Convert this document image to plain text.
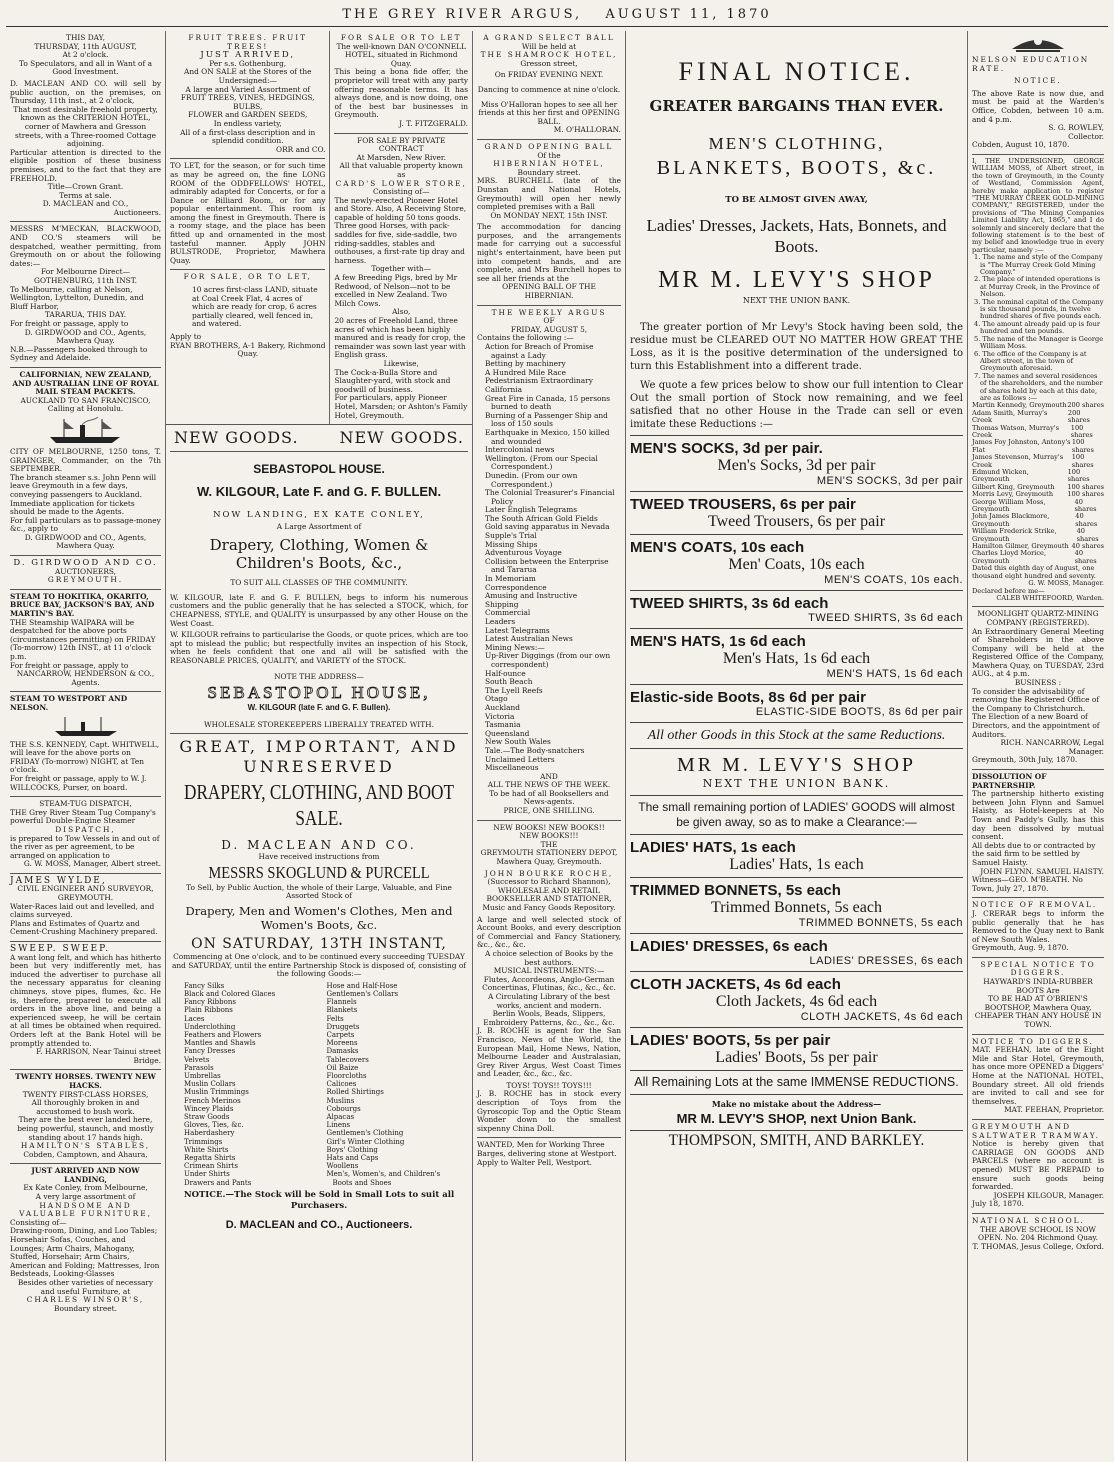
THE GREY RIVER ARGUS, AUGUST 11, 1870
THIS DAY,
THURSDAY, 11th AUGUST,
At 2 o'clock.
To Speculators, and all in Want of a Good Investment.
D. MACLEAN AND CO. will sell by public auction, on the premises, on Thursday, 11th inst., at 2 o'clock,
That most desirable freehold property, known as the CRITERION HOTEL, corner of Mawhera and Gresson streets, with a Three-roomed Cottage adjoining.
Particular attention is directed to the eligible position of these business premises, and to the fact that they are FREEHOLD.
Title—Crown Grant.
Terms at sale.
D. MACLEAN and CO.,
Auctioneers.
MESSRS M'MECKAN, BLACKWOOD, AND CO.'S steamers will be despatched, weather permitting, from Greymouth on or about the following dates:—
For Melbourne Direct—
GOTHENBURG, 11th INST.
To Melbourne, calling at Nelson, Wellington, Lyttelton, Dunedin, and Bluff Harbor,
TARARUA, THIS DAY.
For freight or passage, apply to
D. GIRDWOOD and CO., Agents, Mawhera Quay.
N.B.—Passengers booked through to Sydney and Adelaide.
CALIFORNIAN, NEW ZEALAND, AND AUSTRALIAN LINE OF ROYAL MAIL STEAM PACKETS.
AUCKLAND TO SAN FRANCISCO, Calling at Honolulu.
CITY OF MELBOURNE, 1250 tons, T. GRAINGER, Commander, on the 7th SEPTEMBER.
The branch steamer s.s. John Penn will leave Greymouth in a few days, conveying passengers to Auckland.
Immediate application for tickets should be made to the Agents.
For full particulars as to passage-money &c., apply to
D. GIRDWOOD and CO., Agents, Mawhera Quay.
D. GIRDWOOD AND CO.
AUCTIONEERS,
GREYMOUTH.
STEAM TO HOKITIKA, OKARITO, BRUCE BAY, JACKSON'S BAY, AND MARTIN'S BAY.
THE Steamship WAIPARA will be despatched for the above ports (circumstances permitting) on FRIDAY (To-morrow) 12th INST., at 11 o'clock p.m.
For freight or passage, apply to
NANCARROW, HENDERSON & CO., Agents.
STEAM TO WESTPORT AND NELSON.
THE S.S. KENNEDY, Capt. WHITWELL, will leave for the above ports on FRIDAY (To-morrow) NIGHT, at Ten o'clock.
For freight or passage, apply to W. J. WILLCOCKS, Purser, on board.
STEAM-TUG DISPATCH,
THE Grey River Steam Tug Company's powerful Double-Engine Steamer
DISPATCH,
is prepared to Tow Vessels in and out of the river as per agreement, to be arranged on application to
G. W. MOSS, Manager, Albert street.
JAMES WYLDE,
CIVIL ENGINEER AND SURVEYOR, GREYMOUTH.
Water-Races laid out and levelled, and claims surveyed.
Plans and Estimates of Quartz and Cement-Crushing Machinery prepared.
SWEEP. SWEEP.
A want long felt, and which has hitherto been but very indifferently met, has induced the advertiser to purchase all the necessary apparatus for cleaning chimneys, stove pipes, flumes, &c. He is, therefore, prepared to execute all orders in the above line, and being a experienced sweep, he will be certain at all times be obtained when required. Orders left at the Bank Hotel will be promptly attended to.
F. HARRISON, Near Tainui street Bridge.
TWENTY HORSES. TWENTY NEW HACKS.
TWENTY FIRST-CLASS HORSES,
All thoroughly broken in and accustomed to bush work.
They are the best ever landed here, being powerful, staunch, and mostly standing about 17 hands high.
HAMILTON'S STABLES,
Cobden, Camptown, and Ahaura,
JUST ARRIVED AND NOW LANDING,
Ex Kate Conley, from Melbourne,
A very large assortment of
HANDSOME AND VALUABLE FURNITURE,
Consisting of—
Drawing-room, Dining, and Loo Tables; Horsehair Sofas, Couches, and Lounges; Arm Chairs, Mahogany, Stuffed, Horsehair; Arm Chairs, American and Folding; Mattresses, Iron Bedsteads, Looking-Glasses
Besides other varieties of necessary and useful Furniture, at
CHARLES WINSOR'S,
Boundary street.
FRUIT TREES. FRUIT TREES!
JUST ARRIVED,
Per s.s. Gothenburg,
And ON SALE at the Stores of the Undersigned:—
A large and Varied Assortment of
FRUIT TREES, VINES, HEDGINGS, BULBS,
FLOWER and GARDEN SEEDS,
In endless variety,
All of a first-class description and in splendid condition.
ORR and CO.
TO LET, for the season, or for such time as may be agreed on, the fine LONG ROOM of the ODDFELLOWS' HOTEL, admirably adapted for Concerts, or for a Dance or Billiard Room, or for any popular entertainment. This room is among the finest in Greymouth. There is a roomy stage, and the place has been fitted up and ornamented in the most tasteful manner. Apply JOHN BULSTRODE, Proprietor, Mawhera Quay.
FOR SALE, OR TO LET,
10 acres first-class LAND, situate at Coal Creek Flat, 4 acres of which are ready for crop, 6 acres partially cleared, well fenced in, and watered.
Apply to
RYAN BROTHERS, A-1 Bakery, Richmond Quay.
FOR SALE OR TO LET
The well-known DAN O'CONNELL HOTEL, situated in Richmond Quay.
This being a bona fide offer, the proprietor will treat with any party offering reasonable terms. It has always done, and is now doing, one of the best bar businesses in Greymouth.
J. T. FITZGERALD.
FOR SALE BY PRIVATE CONTRACT
At Marsden, New River.
All that valuable property known as
CARD'S LOWER STORE,
Consisting of—
The newly-erected Pioneer Hotel and Store. Also, A Receiving Store, capable of holding 50 tons goods. Three good Horses, with pack-saddles for five, side-saddle, two riding-saddles, stables and outhouses, a first-rate tip dray and harness.
Together with—
A few Breeding Pigs, bred by Mr Redwood, of Nelson—not to be excelled in New Zealand. Two Milch Cows.
Also,
20 acres of Freehold Land, three acres of which has been highly manured and is ready for crop, the remainder was sown last year with English grass.
Likewise,
The Cock-a-Bulla Store and Slaughter-yard, with stock and goodwill of business.
For particulars, apply Pioneer Hotel, Marsden; or Ashton's Family Hotel, Greymouth.
NEW GOODS.	NEW GOODS.
SEBASTOPOL HOUSE.
W. KILGOUR, Late F. and G. F. BULLEN.
NOW LANDING, EX KATE CONLEY,
A Large Assortment of
Drapery, Clothing, Women & Children's Boots, &c.,
TO SUIT ALL CLASSES OF THE COMMUNITY.
W. KILGOUR, late F. and G. F. BULLEN, begs to inform his numerous customers and the public generally that he has selected a STOCK, which, for CHEAPNESS, STYLE, and QUALITY is unsurpassed by any other House on the West Coast.
W. KILGOUR refrains to particularise the Goods, or quote prices, which are too apt to mislead the public; but respectfully invites an inspection of his Stock, when he feels confident that one and all will be satisfied with the REASONABLE PRICES, QUALITY, and VARIETY of the STOCK.
NOTE THE ADDRESS—
SEBASTOPOL HOUSE,
W. KILGOUR (late F. and G. F. Bullen).
WHOLESALE STOREKEEPERS LIBERALLY TREATED WITH.
GREAT, IMPORTANT, AND UNRESERVED
DRAPERY, CLOTHING, AND BOOT SALE.
D. MACLEAN AND CO.
Have received instructions from
MESSRS SKOGLUND & PURCELL
To Sell, by Public Auction, the whole of their Large, Valuable, and Fine Assorted Stock of
Drapery, Men and Women's Clothes, Men and Women's Boots, &c.
ON SATURDAY, 13TH INSTANT,
Commencing at One o'clock, and to be continued every succeeding TUESDAY and SATURDAY, until the entire Partnership Stock is disposed of, consisting of the following Goods:—
Fancy Silks
Black and Colored Glaces
Fancy Ribbons
Plain Ribbons
Laces
Underclothing
Feathers and Flowers
Mantles and Shawls
Fancy Dresses
Velvets
Parasols
Umbrellas
Muslin Collars
Muslin Trimmings
French Merinos
Wincey Plaids
Straw Goods
Gloves, Ties, &c.
Haberdashery
Trimmings
White Shirts
Regatta Shirts
Crimean Shirts
Under Shirts
Drawers and Pants
Hose and Half-Hose
Gentlemen's Collars
Flannels
Blankets
Felts
Druggets
Carpets
Moreens
Damasks
Tablecovers
Oil Baize
Floorcloths
Calicoes
Rolled Shirtings
Muslins
Cobourgs
Alpacas
Linens
Gentlemen's Clothing
Girl's Winter Clothing
Boys' Clothing
Hats and Caps
Woollens
Men's, Women's, and Children's Boots and Shoes
NOTICE.—The Stock will be Sold in Small Lots to suit all Purchasers.
D. MACLEAN and CO., Auctioneers.
A GRAND SELECT BALL
Will be held at
THE SHAMROCK HOTEL,
Gresson street,
On FRIDAY EVENING NEXT.
Dancing to commence at nine o'clock.
Miss O'Halloran hopes to see all her friends at this her first and OPENING BALL.
M. O'HALLORAN.
GRAND OPENING BALL
Of the
HIBERNIAN HOTEL,
Boundary street.
MRS. BURCHELL (late of the Dunstan and National Hotels, Greymouth) will open her newly completed premises with a Ball
On MONDAY NEXT, 15th INST.
The accommodation for dancing purposes, and the arrangements made for carrying out a successful night's entertainment, have been put into competent hands, and are complete, and Mrs Burchell hopes to see all her friends at the
OPENING BALL OF THE HIBERNIAN.
THE WEEKLY ARGUS
OF
FRIDAY, AUGUST 5,
Contains the following :—
Action for Breach of Promise against a Lady
Betting by machinery
A Hundred Mile Race
Pedestrianism Extraordinary
California
Great Fire in Canada, 15 persons burned to death
Burning of a Passenger Ship and loss of 150 souls
Earthquake in Mexico, 150 killed and wounded
Intercolonial news
Wellington. (From our Special Correspondent.)
Dunedin. (From our own Correspondent.)
The Colonial Treasurer's Financial Policy
Later English Telegrams
The South African Gold Fields
Gold saving apparatus in Nevada
Supple's Trial
Missing Ships
Adventurous Voyage
Collision between the Enterprise and Tararua
In Memoriam
Correspondence
Amusing and Instructive
Shipping
Commercial
Leaders
Latest Telegrams
Latest Australian News
Mining News:—
Up-River Diggings (from our own correspondent)
Half-ounce
South Beach
The Lyell Reefs
Otago
Auckland
Victoria
Tasmania
Queensland
New South Wales
Tale.—The Body-snatchers
Unclaimed Letters
Miscellaneous
AND
ALL THE NEWS OF THE WEEK.
To be had of all Booksellers and News-agents.
PRICE, ONE SHILLING.
NEW BOOKS! NEW BOOKS!!
NEW BOOKS!!!
THE
GREYMOUTH STATIONERY DEPOT,
Mawhera Quay, Greymouth.
JOHN BOURKE ROCHE,
(Successor to Richard Shannon),
WHOLESALE AND RETAIL BOOKSELLER AND STATIONER,
Music and Fancy Goods Repository.
A large and well selected stock of Account Books, and every description of Commercial and Fancy Stationery, &c., &c., &c.
A choice selection of Books by the best authors.
MUSICAL INSTRUMENTS:—
Flutes, Accordeons, Anglo-German Concertinas, Flutinas, &c., &c., &c.
A Circulating Library of the best works, ancient and modern.
Berlin Wools, Beads, Slippers, Embroidery Patterns, &c., &c., &c.
J. B. ROCHE is agent for the San Francisco, News of the World, the European Mail, Home News, Nation, Melbourne Leader and Australasian, Grey River Argus, West Coast Times and Leader, &c., &c., &c.
TOYS! TOYS!! TOYS!!!
J. B. ROCHE has in stock every description of Toys from the Gyroscopic Top and the Optic Steam Wonder down to the smallest sixpenny China Doll.
WANTED, Men for Working Three Barges, delivering stone at Westport. Apply to Walter Pell, Westport.
FINAL NOTICE.
GREATER BARGAINS THAN EVER.
MEN'S CLOTHING,
BLANKETS, BOOTS, &c.
TO BE ALMOST GIVEN AWAY,
Ladies' Dresses, Jackets, Hats, Bonnets, and Boots.
MR M. LEVY'S SHOP
NEXT THE UNION BANK.
The greater portion of Mr Levy's Stock having been sold, the residue must be CLEARED OUT NO MATTER HOW GREAT THE Loss, as it is the positive determination of the undersigned to turn this Establishment into a different trade.
We quote a few prices below to show our full intention to Clear Out the small portion of Stock now remaining, and we feel satisfied that no other House in the Trade can sell or even imitate these Reductions :—
MEN'S SOCKS, 3d per pair.
Men's Socks, 3d per pair
MEN'S SOCKS, 3d per pair
TWEED TROUSERS, 6s per pair
Tweed Trousers, 6s per pair
MEN'S COATS, 10s each
Men' Coats, 10s each
MEN'S COATS, 10s each.
TWEED SHIRTS, 3s 6d each
TWEED SHIRTS, 3s 6d each
MEN'S HATS, 1s 6d each
Men's Hats, 1s 6d each
MEN'S HATS, 1s 6d each
Elastic-side Boots, 8s 6d per pair
ELASTIC-SIDE BOOTS, 8s 6d per pair
All other Goods in this Stock at the same Reductions.
MR M. LEVY'S SHOP
NEXT THE UNION BANK.
The small remaining portion of LADIES' GOODS will almost be given away, so as to make a Clearance:—
LADIES' HATS, 1s each
Ladies' Hats, 1s each
TRIMMED BONNETS, 5s each
Trimmed Bonnets, 5s each
TRIMMED BONNETS, 5s each
LADIES' DRESSES, 6s each
LADIES' DRESSES, 6s each
CLOTH JACKETS, 4s 6d each
Cloth Jackets, 4s 6d each
CLOTH JACKETS, 4s 6d each
LADIES' BOOTS, 5s per pair
Ladies' Boots, 5s per pair
All Remaining Lots at the same IMMENSE REDUCTIONS.
Make no mistake about the Address—
MR M. LEVY'S SHOP, next Union Bank.
THOMPSON, SMITH, AND BARKLEY.
NELSON EDUCATION RATE.
NOTICE.
The above Rate is now due, and must be paid at the Warden's Office, Cobden, between 10 a.m. and 4 p.m.
S. G. ROWLEY,
Collector.
Cobden, August 10, 1870.
I, THE UNDERSIGNED, GEORGE WILLIAM MOSS, of Albert street, in the town of Greymouth, in the County of Westland, Commission Agent, hereby make application to register "THE MURRAY CREEK GOLD-MINING COMPANY," REGISTERED, under the provisions of "The Mining Companies Limited Liability Act, 1865," and I do solemnly and sincerely declare that the following statement is to the best of my belief and knowledge true in every particular, namely :—
1. The name and style of the Company is "The Murray Creek Gold Mining Company."
2. The place of intended operations is at Murray Creek, in the Province of Nelson.
3. The nominal capital of the Company is six thousand pounds, in twelve hundred shares of five pounds each.
4. The amount already paid up is four hundred and ten pounds.
5. The name of the Manager is George William Moss.
6. The office of the Company is at Albert street, in the town of Greymouth aforesaid.
7. The names and several residences of the shareholders, and the number of shares held by each at this date, are as follows :—
Martin Kennedy, Greymouth 200 shares
Adam Smith, Murray's Creek
200 shares
Thomas Watson, Murray's Creek
100 shares
James Foy Johnston, Antony's Flat
100 shares
James Stevenson, Murray's Creek
100 shares
Edmund Wicken, Greymouth
100 shares
Gilbert King, Greymouth 100 shares
Morris Levy, Greymouth 100 shares
George William Moss, Greymouth
40 shares
John James Blackmore, Greymouth
40 shares
William Frederick Strike, Greymouth
40 shares
Hamilton Gilmer, Greymouth 40 shares
Charles Lloyd Morice, Greymouth
40 shares
Dated this eighth day of August, one thousand eight hundred and seventy.
G. W. MOSS, Manager.
Declared before me—
CALEB WHITEFOORD, Warden.
MOONLIGHT QUARTZ-MINING COMPANY (REGISTERED).
An Extraordinary General Meeting of Shareholders in the above Company will be held at the Registered Office of the Company, Mawhera Quay, on TUESDAY, 23rd AUG., at 4 p.m.
BUSINESS :
To consider the advisability of removing the Registered Office of the Company to Christchurch.
The Election of a new Board of Directors, and the appointment of Auditors.
RICH. NANCARROW, Legal Manager.
Greymouth, 30th July, 1870.
DISSOLUTION OF PARTNERSHIP.
The partnership hitherto existing between John Flynn and Samuel Haisty, as Hotel-keepers at No Town and Paddy's Gully, has this day been dissolved by mutual consent.
All debts due to or contracted by the said firm to be settled by Samuel Haisty.
JOHN FLYNN. SAMUEL HAISTY.
Witness—GEO. M'BEATH. No Town, July 27, 1870.
NOTICE OF REMOVAL.
J. CRERAR begs to inform the public generally that he has Removed to the Quay next to Bank of New South Wales.
Greymouth, Aug. 9, 1870.
SPECIAL NOTICE TO DIGGERS.
HAYWARD'S INDIA-RUBBER BOOTS Are
TO BE HAD AT O'BRIEN'S BOOTSHOP, Mawhera Quay,
CHEAPER THAN ANY HOUSE IN TOWN.
NOTICE TO DIGGERS.
MAT. FEEHAN, late of the Eight Mile and Star Hotel, Greymouth, has once more OPENED a Diggers' Home at the NATIONAL HOTEL, Boundary street. All old friends are invited to call and see for themselves.
MAT. FEEHAN, Proprietor.
GREYMOUTH AND SALTWATER TRAMWAY.
Notice is hereby given that CARRIAGE ON GOODS AND PARCELS (where no account is opened) MUST BE PREPAID to ensure such goods being forwarded.
JOSEPH KILGOUR, Manager.
July 18, 1870.
NATIONAL SCHOOL.
THE ABOVE SCHOOL IS NOW OPEN. No. 204 Richmond Quay.
T. THOMAS, Jesus College, Oxford.
